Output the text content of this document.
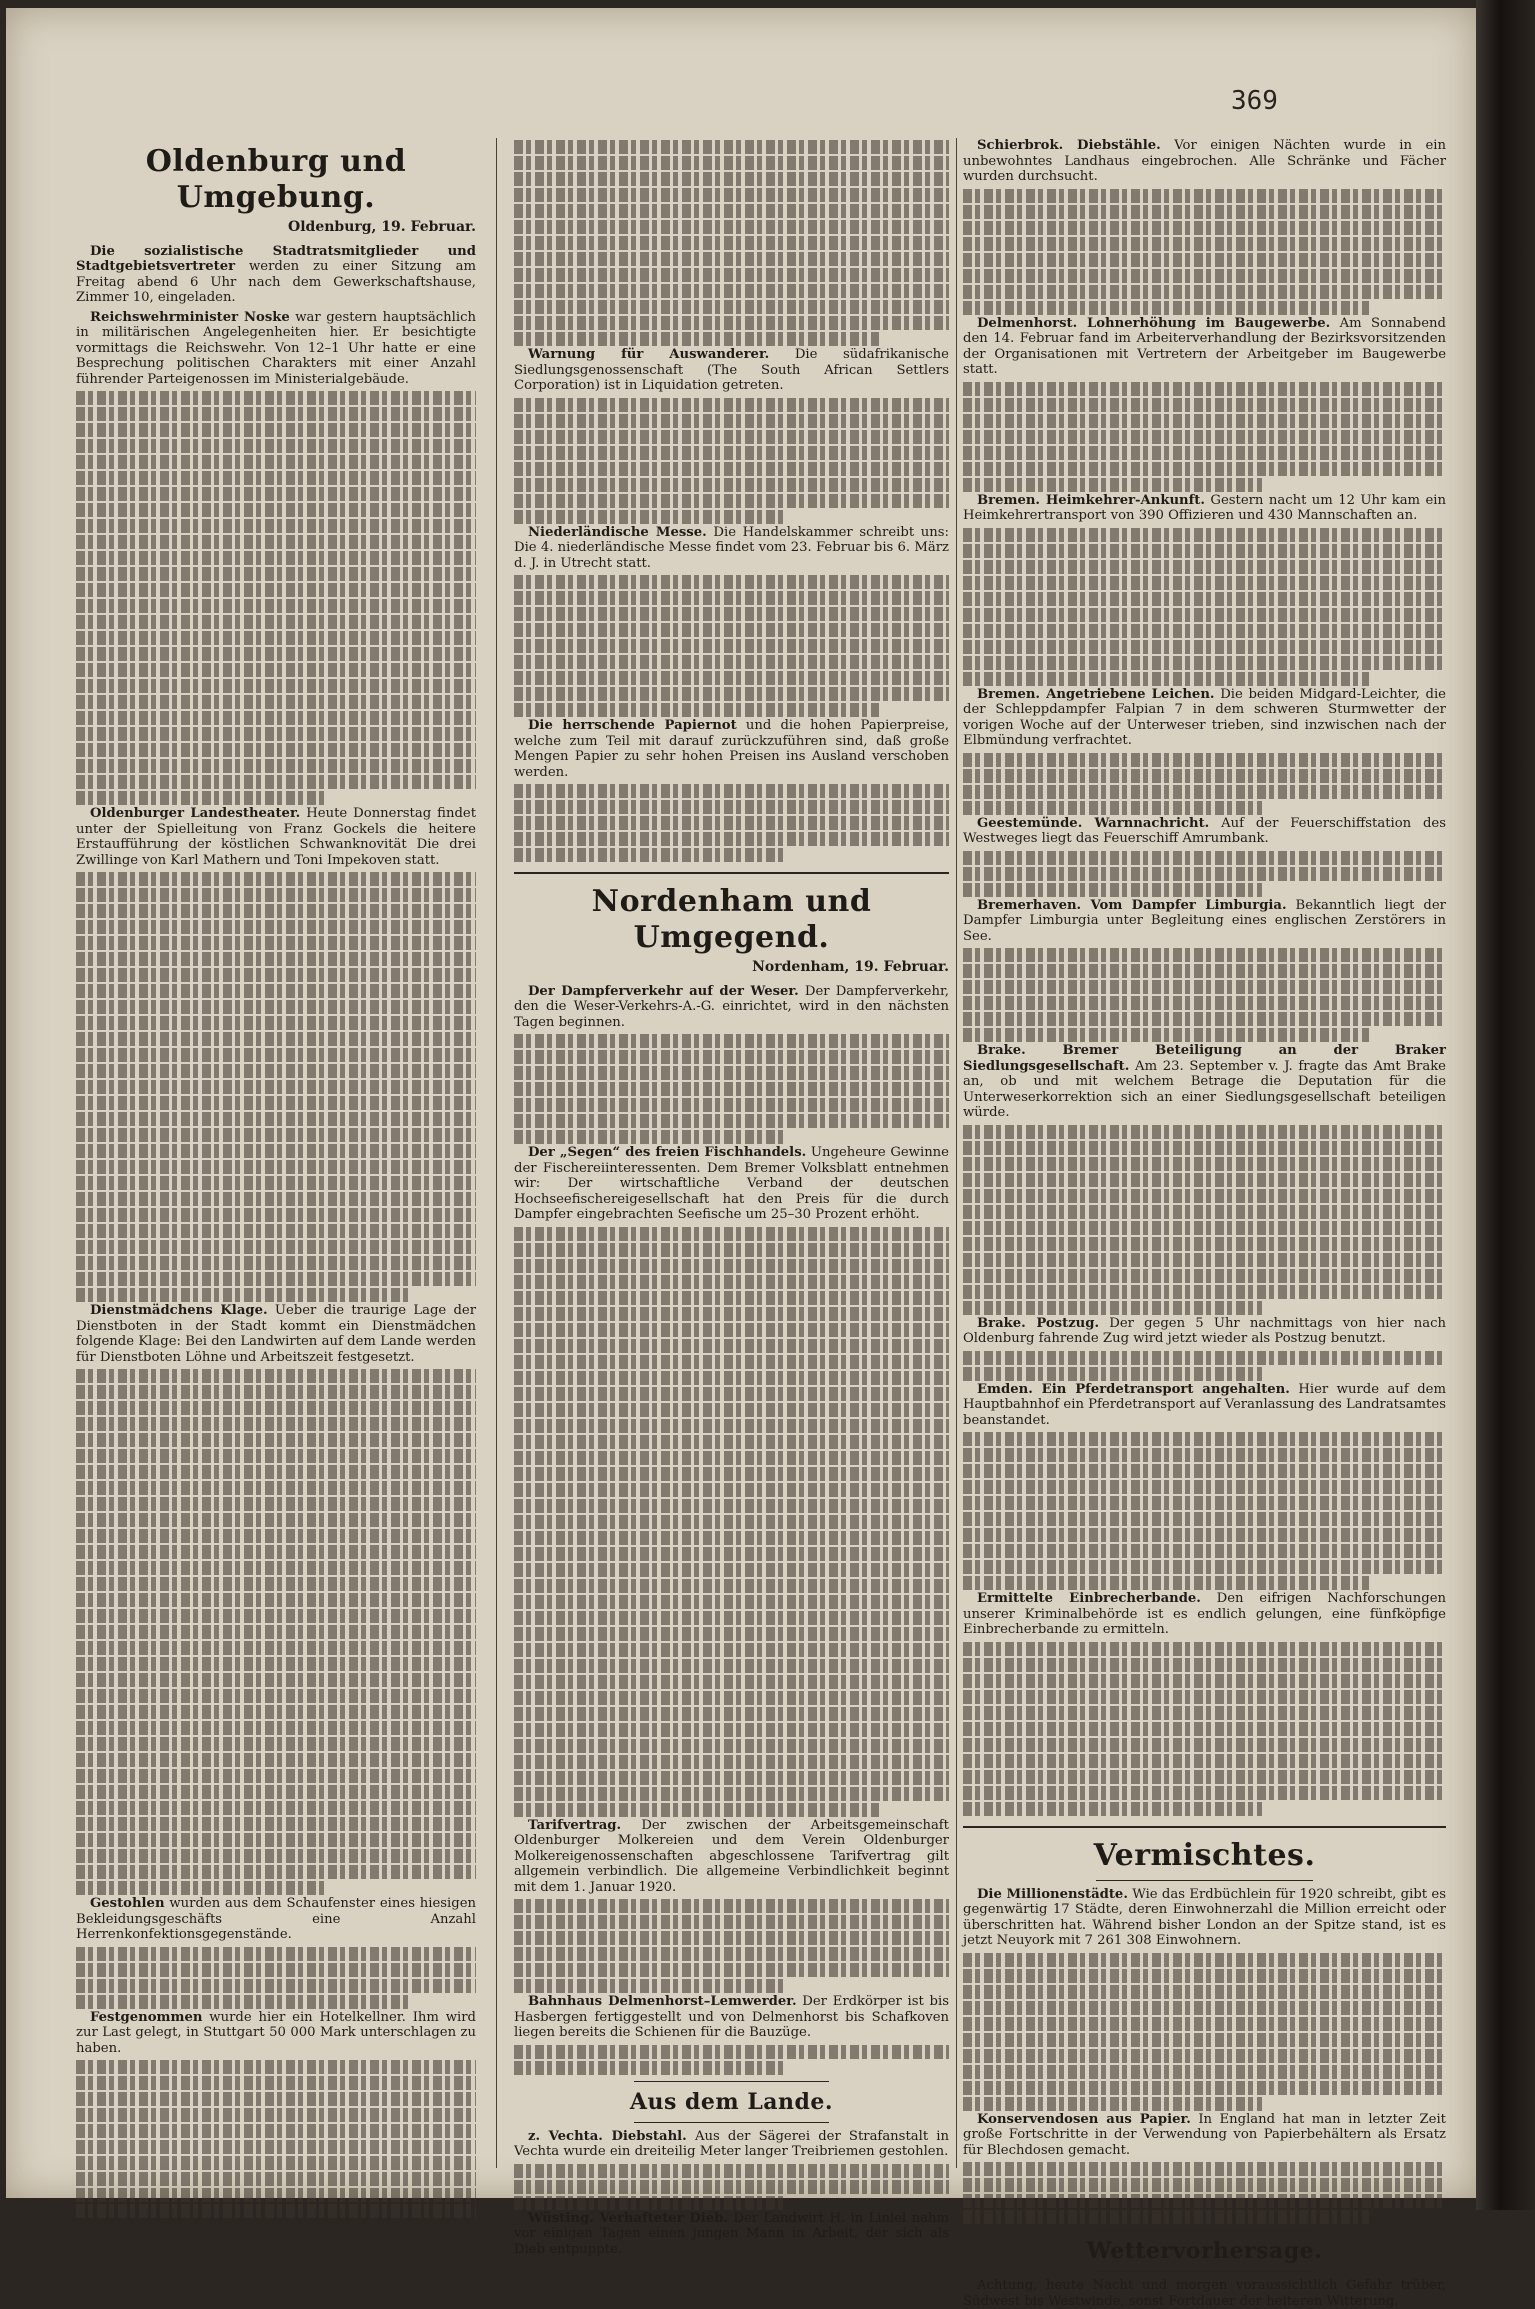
369
Oldenburg und Umgebung.
Oldenburg, 19. Februar.

Die sozialistische Stadtratsmitglieder und Stadtgebietsvertreter werden zu einer Sitzung am Freitag abend 6 Uhr nach dem Gewerkschaftshause, Zimmer 10, eingeladen.

Reichswehrminister Noske war gestern hauptsächlich in militärischen Angelegenheiten hier. Er besichtigte vormittags die Reichswehr. Von 12–1 Uhr hatte er eine Besprechung politischen Charakters mit einer Anzahl führender Parteigenossen im Ministerialgebäude.

Oldenburger Landestheater. Heute Donnerstag findet unter der Spielleitung von Franz Gockels die heitere Erstaufführung der köstlichen Schwanknovität Die drei Zwillinge von Karl Mathern und Toni Impekoven statt.

Dienstmädchens Klage. Ueber die traurige Lage der Dienstboten in der Stadt kommt ein Dienstmädchen folgende Klage: Bei den Landwirten auf dem Lande werden für Dienstboten Löhne und Arbeitszeit festgesetzt.

Gestohlen wurden aus dem Schaufenster eines hiesigen Bekleidungsgeschäfts eine Anzahl Herrenkonfektionsgegenstände.

Festgenommen wurde hier ein Hotelkellner. Ihm wird zur Last gelegt, in Stuttgart 50 000 Mark unterschlagen zu haben.

Warnung für Auswanderer. Die südafrikanische Siedlungsgenossenschaft (The South African Settlers Corporation) ist in Liquidation getreten.

Niederländische Messe. Die Handelskammer schreibt uns: Die 4. niederländische Messe findet vom 23. Februar bis 6. März d. J. in Utrecht statt.

Die herrschende Papiernot und die hohen Papierpreise, welche zum Teil mit darauf zurückzuführen sind, daß große Mengen Papier zu sehr hohen Preisen ins Ausland verschoben werden.

Nordenham und Umgegend.
Nordenham, 19. Februar.

Der Dampferverkehr auf der Weser. Der Dampferverkehr, den die Weser-Verkehrs-A.-G. einrichtet, wird in den nächsten Tagen beginnen.

Der „Segen“ des freien Fischhandels. Ungeheure Gewinne der Fischereiinteressenten. Dem Bremer Volksblatt entnehmen wir: Der wirtschaftliche Verband der deutschen Hochseefischereigesellschaft hat den Preis für die durch Dampfer eingebrachten Seefische um 25–30 Prozent erhöht.

Tarifvertrag. Der zwischen der Arbeitsgemeinschaft Oldenburger Molkereien und dem Verein Oldenburger Molkereigenossenschaften abgeschlossene Tarifvertrag gilt allgemein verbindlich. Die allgemeine Verbindlichkeit beginnt mit dem 1. Januar 1920.

Bahnhaus Delmenhorst–Lemwerder. Der Erdkörper ist bis Hasbergen fertiggestellt und von Delmenhorst bis Schafkoven liegen bereits die Schienen für die Bauzüge.

Aus dem Lande.

z. Vechta. Diebstahl. Aus der Sägerei der Strafanstalt in Vechta wurde ein dreiteilig Meter langer Treibriemen gestohlen.

Wüsting. Verhafteter Dieb. Der Landwirt H. in Liniel nahm vor einigen Tagen einen jungen Mann in Arbeit, der sich als Dieb entpuppte.

Schierbrok. Diebstähle. Vor einigen Nächten wurde in ein unbewohntes Landhaus eingebrochen. Alle Schränke und Fächer wurden durchsucht.

Delmenhorst. Lohnerhöhung im Baugewerbe. Am Sonnabend den 14. Februar fand im Arbeiterverhandlung der Bezirksvorsitzenden der Organisationen mit Vertretern der Arbeitgeber im Baugewerbe statt.

Bremen. Heimkehrer-Ankunft. Gestern nacht um 12 Uhr kam ein Heimkehrertransport von 390 Offizieren und 430 Mannschaften an.

Bremen. Angetriebene Leichen. Die beiden Midgard-Leichter, die der Schleppdampfer Falpian 7 in dem schweren Sturmwetter der vorigen Woche auf der Unterweser trieben, sind inzwischen nach der Elbmündung verfrachtet.

Geestemünde. Warnnachricht. Auf der Feuerschiffstation des Westweges liegt das Feuerschiff Amrumbank.

Bremerhaven. Vom Dampfer Limburgia. Bekanntlich liegt der Dampfer Limburgia unter Begleitung eines englischen Zerstörers in See.

Brake. Bremer Beteiligung an der Braker Siedlungsgesellschaft. Am 23. September v. J. fragte das Amt Brake an, ob und mit welchem Betrage die Deputation für die Unterweserkorrektion sich an einer Siedlungsgesellschaft beteiligen würde.

Brake. Postzug. Der gegen 5 Uhr nachmittags von hier nach Oldenburg fahrende Zug wird jetzt wieder als Postzug benutzt.

Emden. Ein Pferdetransport angehalten. Hier wurde auf dem Hauptbahnhof ein Pferdetransport auf Veranlassung des Landratsamtes beanstandet.

Ermittelte Einbrecherbande. Den eifrigen Nachforschungen unserer Kriminalbehörde ist es endlich gelungen, eine fünfköpfige Einbrecherbande zu ermitteln.

Vermischtes.

Die Millionenstädte. Wie das Erdbüchlein für 1920 schreibt, gibt es gegenwärtig 17 Städte, deren Einwohnerzahl die Million erreicht oder überschritten hat. Während bisher London an der Spitze stand, ist es jetzt Neuyork mit 7 261 308 Einwohnern.

Konservendosen aus Papier. In England hat man in letzter Zeit große Fortschritte in der Verwendung von Papierbehältern als Ersatz für Blechdosen gemacht.

Wettervorhersage.

Achtung, heute Nacht und morgen voraussichtlich Gefahr trüber, Südwest bis Westwinde, sonst Fortdauer der heiteren Witterung.
